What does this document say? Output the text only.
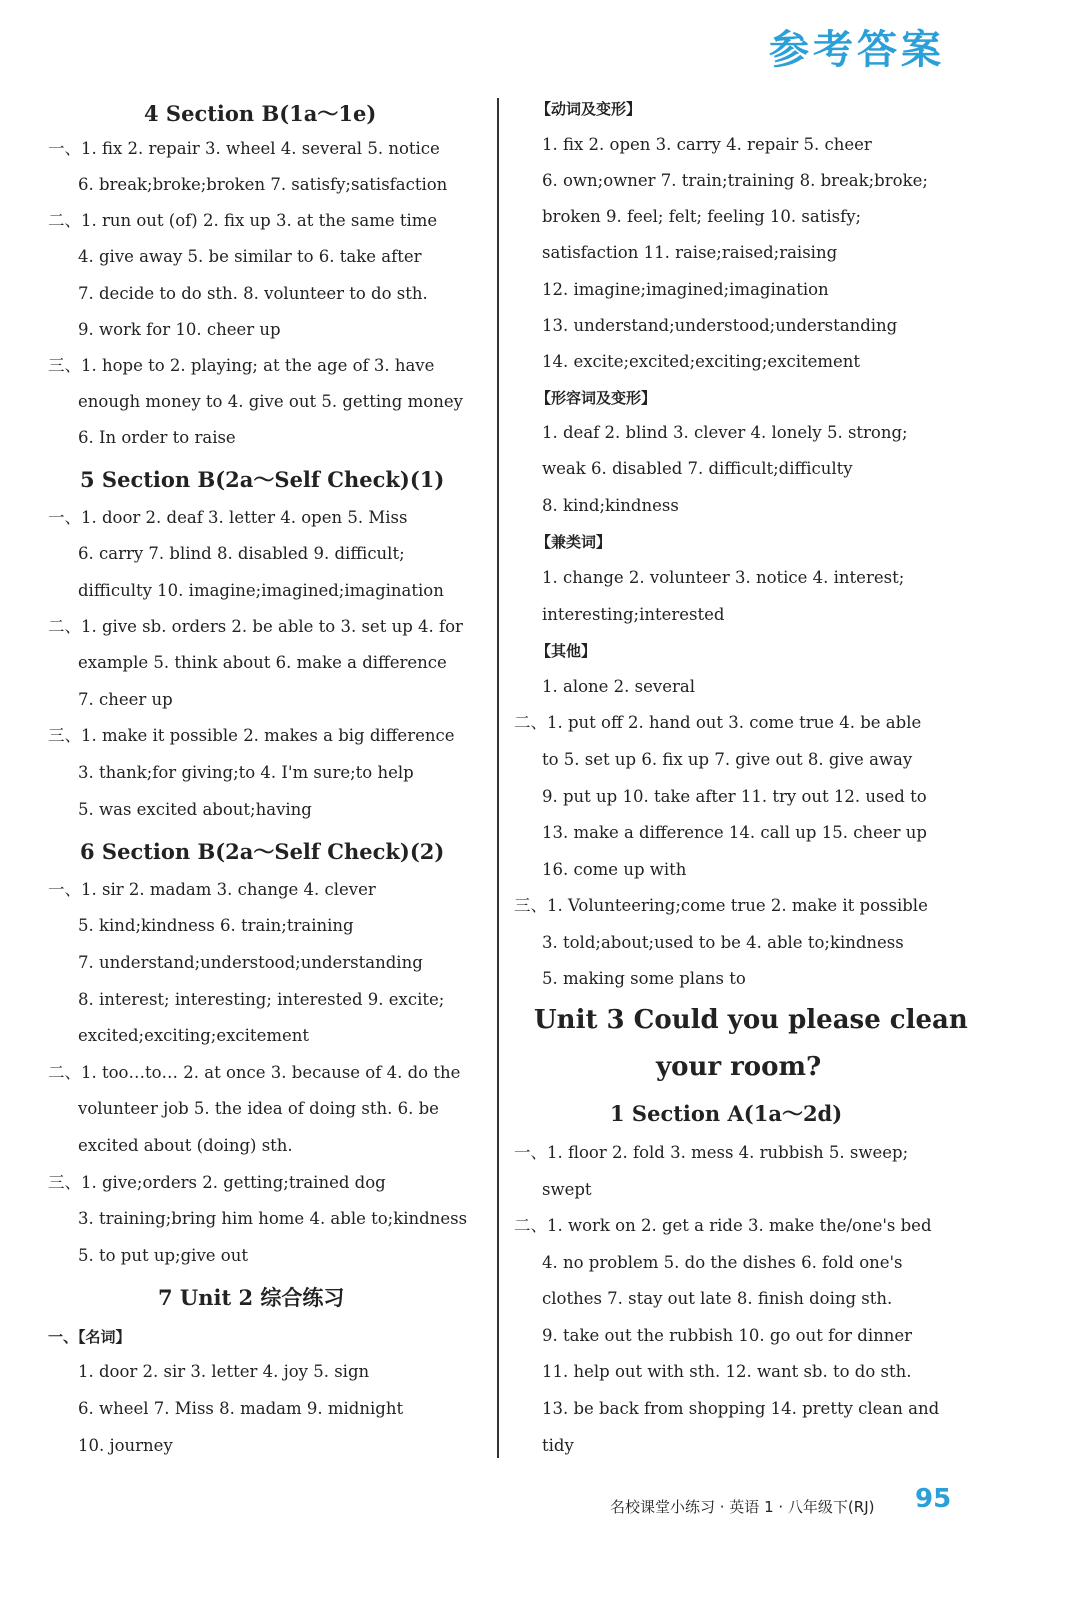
参考答案
4 Section B(1a～1e)
一、1. fix 2. repair 3. wheel 4. several 5. notice
6. break;broke;broken 7. satisfy;satisfaction
二、1. run out (of) 2. fix up 3. at the same time
4. give away 5. be similar to 6. take after
7. decide to do sth. 8. volunteer to do sth.
9. work for 10. cheer up
三、1. hope to 2. playing; at the age of 3. have
enough money to 4. give out 5. getting money
6. In order to raise
5 Section B(2a～Self Check)(1)
一、1. door 2. deaf 3. letter 4. open 5. Miss
6. carry 7. blind 8. disabled 9. difficult;
difficulty 10. imagine;imagined;imagination
二、1. give sb. orders 2. be able to 3. set up 4. for
example 5. think about 6. make a difference
7. cheer up
三、1. make it possible 2. makes a big difference
3. thank;for giving;to 4. I'm sure;to help
5. was excited about;having
6 Section B(2a～Self Check)(2)
一、1. sir 2. madam 3. change 4. clever
5. kind;kindness 6. train;training
7. understand;understood;understanding
8. interest; interesting; interested 9. excite;
excited;exciting;excitement
二、1. too…to… 2. at once 3. because of 4. do the
volunteer job 5. the idea of doing sth. 6. be
excited about (doing) sth.
三、1. give;orders 2. getting;trained dog
3. training;bring him home 4. able to;kindness
5. to put up;give out
7 Unit 2 综合练习
一、【名词】
1. door 2. sir 3. letter 4. joy 5. sign
6. wheel 7. Miss 8. madam 9. midnight
10. journey
【动词及变形】
1. fix 2. open 3. carry 4. repair 5. cheer
6. own;owner 7. train;training 8. break;broke;
broken 9. feel; felt; feeling 10. satisfy;
satisfaction 11. raise;raised;raising
12. imagine;imagined;imagination
13. understand;understood;understanding
14. excite;excited;exciting;excitement
【形容词及变形】
1. deaf 2. blind 3. clever 4. lonely 5. strong;
weak 6. disabled 7. difficult;difficulty
8. kind;kindness
【兼类词】
1. change 2. volunteer 3. notice 4. interest;
interesting;interested
【其他】
1. alone 2. several
二、1. put off 2. hand out 3. come true 4. be able
to 5. set up 6. fix up 7. give out 8. give away
9. put up 10. take after 11. try out 12. used to
13. make a difference 14. call up 15. cheer up
16. come up with
三、1. Volunteering;come true 2. make it possible
3. told;about;used to be 4. able to;kindness
5. making some plans to
Unit 3 Could you please clean
your room?
1 Section A(1a～2d)
一、1. floor 2. fold 3. mess 4. rubbish 5. sweep;
swept
二、1. work on 2. get a ride 3. make the/one's bed
4. no problem 5. do the dishes 6. fold one's
clothes 7. stay out late 8. finish doing sth.
9. take out the rubbish 10. go out for dinner
11. help out with sth. 12. want sb. to do sth.
13. be back from shopping 14. pretty clean and
tidy
名校课堂小练习 · 英语 1 · 八年级下(RJ) 95
